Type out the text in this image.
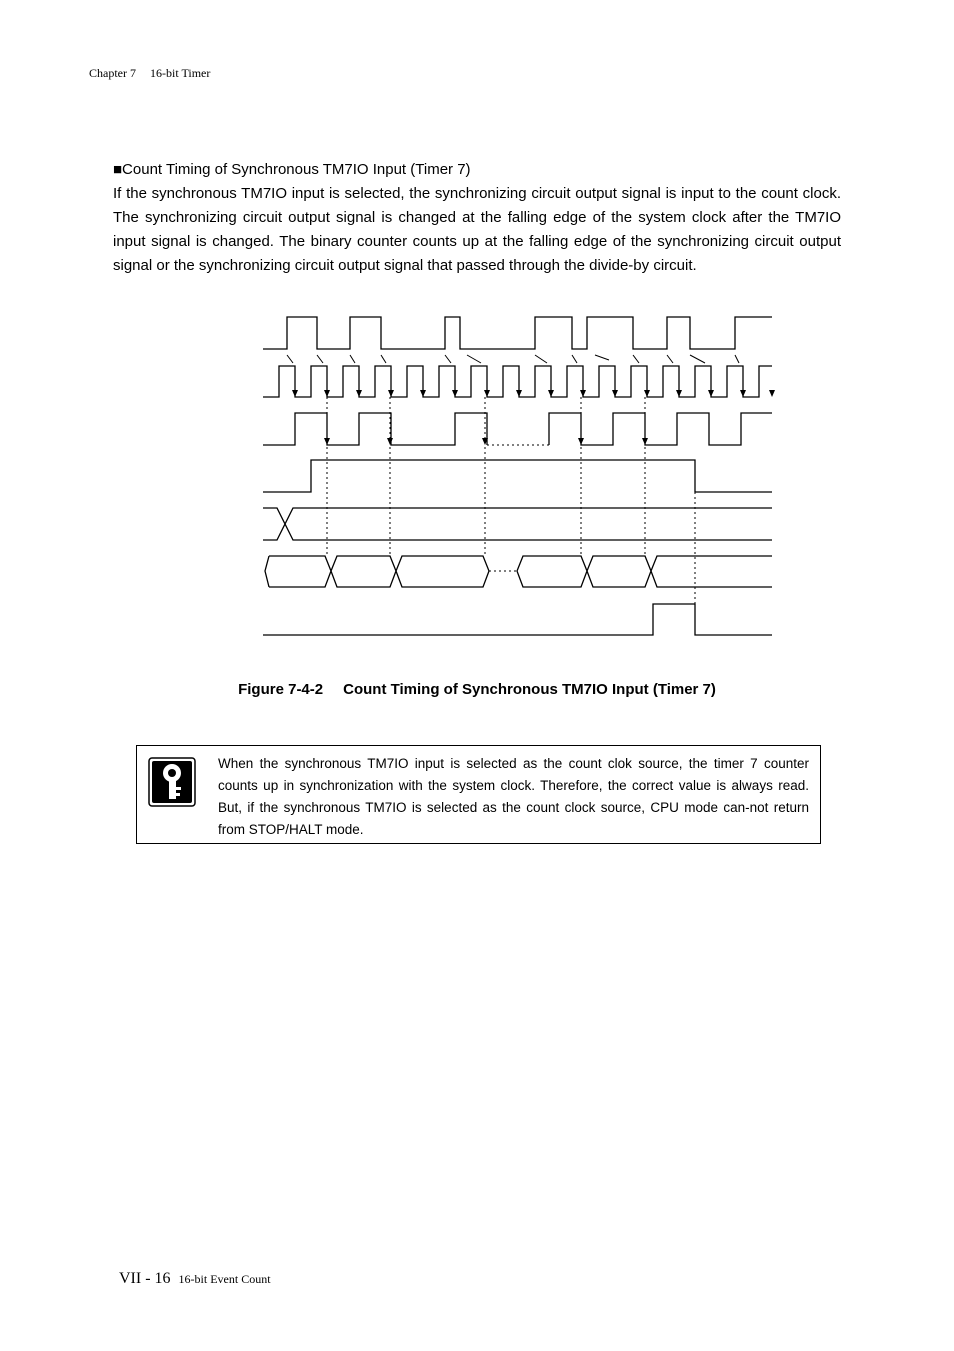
Chapter 7 16-bit Timer

■Count Timing of Synchronous TM7IO Input (Timer 7)

If the synchronous TM7IO input is selected, the synchronizing circuit output signal is input to the count clock. The synchronizing circuit output signal is changed at the falling edge of the system clock after the TM7IO input signal is changed. The binary counter counts up at the falling edge of the synchronizing circuit output signal or the synchronizing circuit output signal that passed through the divide-by circuit.

Figure 7-4-2 Count Timing of Synchronous TM7IO Input (Timer 7)
When the synchronous TM7IO input is selected as the count clok source, the timer 7 counter counts up in synchronization with the system clock. Therefore, the correct value is always read. But, if the synchronous TM7IO is selected as the count clock source, CPU mode can-not return from STOP/HALT mode.
VII - 16 16-bit Event Count
